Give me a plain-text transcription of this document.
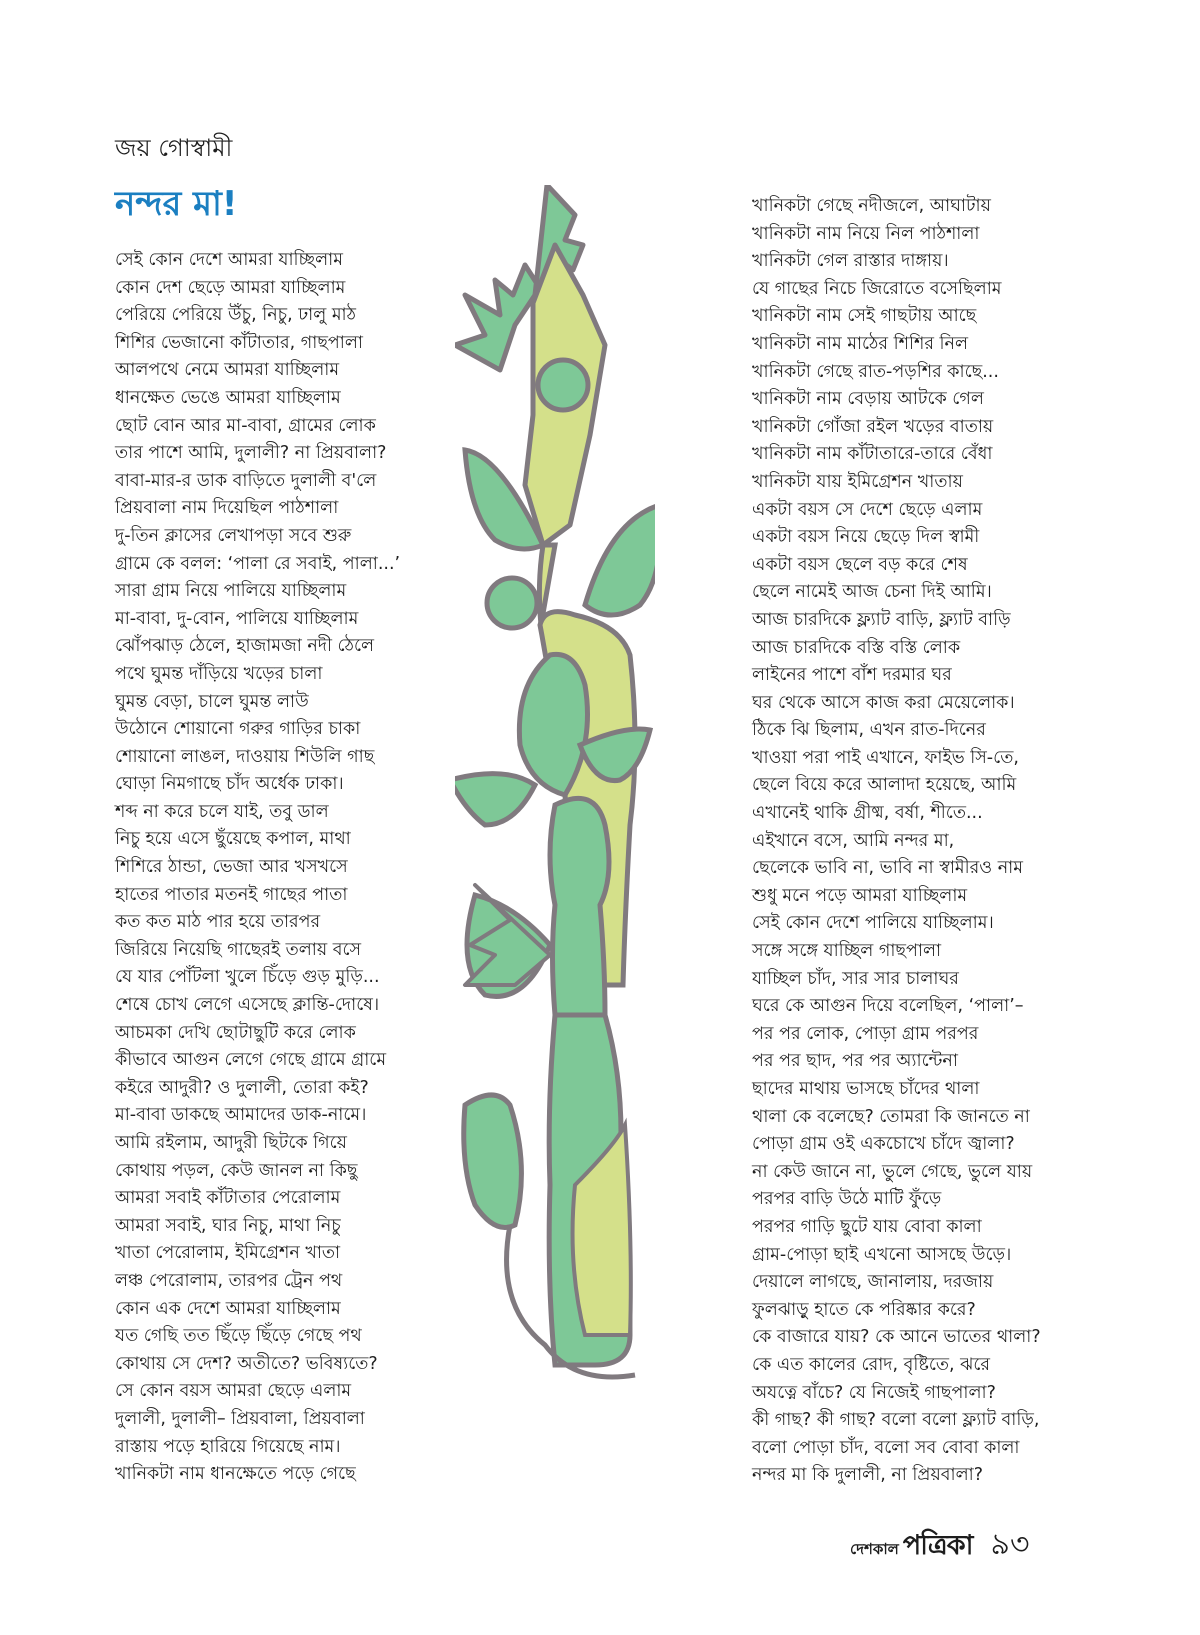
জয় গোস্বামী
নন্দর মা!
সেই কোন দেশে আমরা যাচ্ছিলাম
কোন দেশ ছেড়ে আমরা যাচ্ছিলাম
পেরিয়ে পেরিয়ে উঁচু, নিচু, ঢালু মাঠ
শিশির ভেজানো কাঁটাতার, গাছপালা
আলপথে নেমে আমরা যাচ্ছিলাম
ধানক্ষেত ভেঙে আমরা যাচ্ছিলাম
ছোট বোন আর মা-বাবা, গ্রামের লোক
তার পাশে আমি, দুলালী? না প্রিয়বালা?
বাবা-মার-র ডাক বাড়িতে দুলালী ব'লে
প্রিয়বালা নাম দিয়েছিল পাঠশালা
দু-তিন ক্লাসের লেখাপড়া সবে শুরু
গ্রামে কে বলল: ‘পালা রে সবাই, পালা...’
সারা গ্রাম নিয়ে পালিয়ে যাচ্ছিলাম
মা-বাবা, দু-বোন, পালিয়ে যাচ্ছিলাম
ঝোঁপঝাড় ঠেলে, হাজামজা নদী ঠেলে
পথে ঘুমন্ত দাঁড়িয়ে খড়ের চালা
ঘুমন্ত বেড়া, চালে ঘুমন্ত লাউ
উঠোনে শোয়ানো গরুর গাড়ির চাকা
শোয়ানো লাঙল, দাওয়ায় শিউলি গাছ
ঘোড়া নিমগাছে চাঁদ অর্ধেক ঢাকা।
শব্দ না করে চলে যাই, তবু ডাল
নিচু হয়ে এসে ছুঁয়েছে কপাল, মাথা
শিশিরে ঠান্ডা, ভেজা আর খসখসে
হাতের পাতার মতনই গাছের পাতা
কত কত মাঠ পার হয়ে তারপর
জিরিয়ে নিয়েছি গাছেরই তলায় বসে
যে যার পোঁটলা খুলে চিঁড়ে গুড় মুড়ি...
শেষে চোখ লেগে এসেছে ক্লান্তি-দোষে।
আচমকা দেখি ছোটাছুটি করে লোক
কীভাবে আগুন লেগে গেছে গ্রামে গ্রামে
কইরে আদুরী? ও দুলালী, তোরা কই?
মা-বাবা ডাকছে আমাদের ডাক-নামে।
আমি রইলাম, আদুরী ছিটকে গিয়ে
কোথায় পড়ল, কেউ জানল না কিছু
আমরা সবাই কাঁটাতার পেরোলাম
আমরা সবাই, ঘার নিচু, মাথা নিচু
খাতা পেরোলাম, ইমিগ্রেশন খাতা
লঞ্চ পেরোলাম, তারপর ট্রেন পথ
কোন এক দেশে আমরা যাচ্ছিলাম
যত গেছি তত ছিঁড়ে ছিঁড়ে গেছে পথ
কোথায় সে দেশ? অতীতে? ভবিষ্যতে?
সে কোন বয়স আমরা ছেড়ে এলাম
দুলালী, দুলালী– প্রিয়বালা, প্রিয়বালা
রাস্তায় পড়ে হারিয়ে গিয়েছে নাম।
খানিকটা নাম ধানক্ষেতে পড়ে গেছে
খানিকটা গেছে নদীজলে, আঘাটায়
খানিকটা নাম নিয়ে নিল পাঠশালা
খানিকটা গেল রাস্তার দাঙ্গায়।
যে গাছের নিচে জিরোতে বসেছিলাম
খানিকটা নাম সেই গাছটায় আছে
খানিকটা নাম মাঠের শিশির নিল
খানিকটা গেছে রাত-পড়শির কাছে...
খানিকটা নাম বেড়ায় আটকে গেল
খানিকটা গোঁজা রইল খড়ের বাতায়
খানিকটা নাম কাঁটাতারে-তারে বেঁধা
খানিকটা যায় ইমিগ্রেশন খাতায়
একটা বয়স সে দেশে ছেড়ে এলাম
একটা বয়স নিয়ে ছেড়ে দিল স্বামী
একটা বয়স ছেলে বড় করে শেষ
ছেলে নামেই আজ চেনা দিই আমি।
আজ চারদিকে ফ্ল্যাট বাড়ি, ফ্ল্যাট বাড়ি
আজ চারদিকে বস্তি বস্তি লোক
লাইনের পাশে বাঁশ দরমার ঘর
ঘর থেকে আসে কাজ করা মেয়েলোক।
ঠিকে ঝি ছিলাম, এখন রাত-দিনের
খাওয়া পরা পাই এখানে, ফাইভ সি-তে,
ছেলে বিয়ে করে আলাদা হয়েছে, আমি
এখানেই থাকি গ্রীষ্ম, বর্ষা, শীতে...
এইখানে বসে, আমি নন্দর মা,
ছেলেকে ভাবি না, ভাবি না স্বামীরও নাম
শুধু মনে পড়ে আমরা যাচ্ছিলাম
সেই কোন দেশে পালিয়ে যাচ্ছিলাম।
সঙ্গে সঙ্গে যাচ্ছিল গাছপালা
যাচ্ছিল চাঁদ, সার সার চালাঘর
ঘরে কে আগুন দিয়ে বলেছিল, ‘পালা’–
পর পর লোক, পোড়া গ্রাম পরপর
পর পর ছাদ, পর পর অ্যান্টেনা
ছাদের মাথায় ভাসছে চাঁদের থালা
থালা কে বলেছে? তোমরা কি জানতে না
পোড়া গ্রাম ওই একচোখে চাঁদে জ্বালা?
না কেউ জানে না, ভুলে গেছে, ভুলে যায়
পরপর বাড়ি উঠে মাটি ফুঁড়ে
পরপর গাড়ি ছুটে যায় বোবা কালা
গ্রাম-পোড়া ছাই এখনো আসছে উড়ে।
দেয়ালে লাগছে, জানালায়, দরজায়
ফুলঝাড়ু হাতে কে পরিষ্কার করে?
কে বাজারে যায়? কে আনে ভাতের থালা?
কে এত কালের রোদ, বৃষ্টিতে, ঝরে
অযত্নে বাঁচে? যে নিজেই গাছপালা?
কী গাছ? কী গাছ? বলো বলো ফ্ল্যাট বাড়ি,
বলো পোড়া চাঁদ, বলো সব বোবা কালা
নন্দর মা কি দুলালী, না প্রিয়বালা?
দেশকাল পত্রিকা ৯৩
